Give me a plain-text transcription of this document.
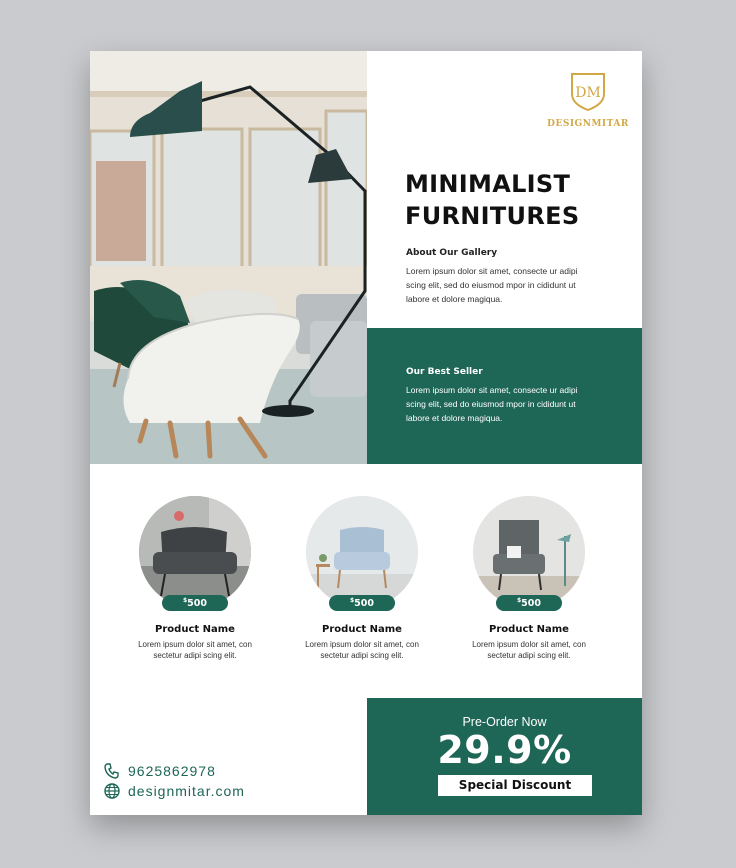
DM
DESIGNMITAR
MINIMALIST
FURNITURES

About Our Gallery

Lorem ipsum dolor sit amet, consecte ur adipi
scing elit, sed do eiusmod mpor in cididunt ut
labore et dolore magiqua.

Our Best Seller

Lorem ipsum dolor sit amet, consecte ur adipi
scing elit, sed do eiusmod mpor in cididunt ut
labore et dolore magiqua.
$500

Product Name

Lorem ipsum dolor sit amet, con
sectetur adipi scing elit.

$500

Product Name

Lorem ipsum dolor sit amet, con
sectetur adipi scing elit.

$500

Product Name

Lorem ipsum dolor sit amet, con
sectetur adipi scing elit.

Pre-Order Now
29.9%
Special Discount
9625862978
designmitar.com
